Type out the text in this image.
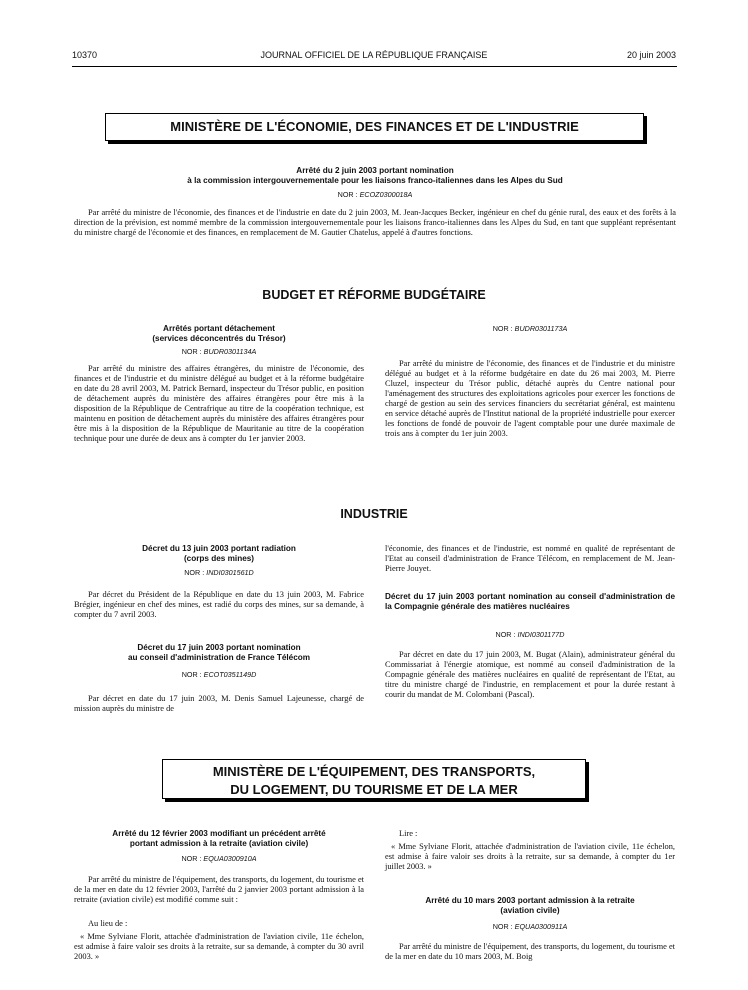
10370	JOURNAL OFFICIEL DE LA RÉPUBLIQUE FRANÇAISE	20 juin 2003
MINISTÈRE DE L'ÉCONOMIE, DES FINANCES ET DE L'INDUSTRIE
Arrêté du 2 juin 2003 portant nomination
à la commission intergouvernementale pour les liaisons franco-italiennes dans les Alpes du Sud
NOR : ECOZ0300018A
Par arrêté du ministre de l'économie, des finances et de l'industrie en date du 2 juin 2003, M. Jean-Jacques Becker, ingénieur en chef du génie rural, des eaux et des forêts à la direction de la prévision, est nommé membre de la commission intergouvernementale pour les liaisons franco-italiennes dans les Alpes du Sud, en tant que suppléant représentant du ministre chargé de l'économie et des finances, en remplacement de M. Gautier Chatelus, appelé à d'autres fonctions.
BUDGET ET RÉFORME BUDGÉTAIRE
Arrêtés portant détachement
(services déconcentrés du Trésor)
NOR : BUDR0301134A
Par arrêté du ministre des affaires étrangères, du ministre de l'économie, des finances et de l'industrie et du ministre délégué au budget et à la réforme budgétaire en date du 28 avril 2003, M. Patrick Bernard, inspecteur du Trésor public, en position de détachement auprès du ministère des affaires étrangères pour être mis à la disposition de la République de Centrafrique au titre de la coopération technique, est maintenu en position de détachement auprès du ministère des affaires étrangères pour être mis à la disposition de la République de Mauritanie au titre de la coopération technique pour une durée de deux ans à compter du 1er janvier 2003.
NOR : BUDR0301173A
Par arrêté du ministre de l'économie, des finances et de l'industrie et du ministre délégué au budget et à la réforme budgétaire en date du 26 mai 2003, M. Pierre Cluzel, inspecteur du Trésor public, détaché auprès du Centre national pour l'aménagement des structures des exploitations agricoles pour exercer les fonctions de chargé de gestion au sein des services financiers du secrétariat général, est maintenu en service détaché auprès de l'Institut national de la propriété industrielle pour exercer les fonctions de fondé de pouvoir de l'agent comptable pour une durée maximale de trois ans à compter du 1er juin 2003.
INDUSTRIE
Décret du 13 juin 2003 portant radiation
(corps des mines)
NOR : INDI0301561D
Par décret du Président de la République en date du 13 juin 2003, M. Fabrice Brégier, ingénieur en chef des mines, est radié du corps des mines, sur sa demande, à compter du 7 avril 2003.
Décret du 17 juin 2003 portant nomination
au conseil d'administration de France Télécom
NOR : ECOT0351149D
Par décret en date du 17 juin 2003, M. Denis Samuel Lajeunesse, chargé de mission auprès du ministre de
l'économie, des finances et de l'industrie, est nommé en qualité de représentant de l'Etat au conseil d'administration de France Télécom, en remplacement de M. Jean-Pierre Jouyet.
Décret du 17 juin 2003 portant nomination au conseil d'administration de la Compagnie générale des matières nucléaires
NOR : INDI0301177D
Par décret en date du 17 juin 2003, M. Bugat (Alain), administrateur général du Commissariat à l'énergie atomique, est nommé au conseil d'administration de la Compagnie générale des matières nucléaires en qualité de représentant de l'Etat, au titre du ministre chargé de l'industrie, en remplacement et pour la durée restant à courir du mandat de M. Colombani (Pascal).
MINISTÈRE DE L'ÉQUIPEMENT, DES TRANSPORTS,
DU LOGEMENT, DU TOURISME ET DE LA MER
Arrêté du 12 février 2003 modifiant un précédent arrêté
portant admission à la retraite (aviation civile)
NOR : EQUA0300910A
Par arrêté du ministre de l'équipement, des transports, du logement, du tourisme et de la mer en date du 12 février 2003, l'arrêté du 2 janvier 2003 portant admission à la retraite (aviation civile) est modifié comme suit :
Au lieu de :
« Mme Sylviane Florit, attachée d'administration de l'aviation civile, 11e échelon, est admise à faire valoir ses droits à la retraite, sur sa demande, à compter du 30 avril 2003. »
Lire :
« Mme Sylviane Florit, attachée d'administration de l'aviation civile, 11e échelon, est admise à faire valoir ses droits à la retraite, sur sa demande, à compter du 1er juillet 2003. »
Arrêté du 10 mars 2003 portant admission à la retraite
(aviation civile)
NOR : EQUA0300911A
Par arrêté du ministre de l'équipement, des transports, du logement, du tourisme et de la mer en date du 10 mars 2003, M. Boig
